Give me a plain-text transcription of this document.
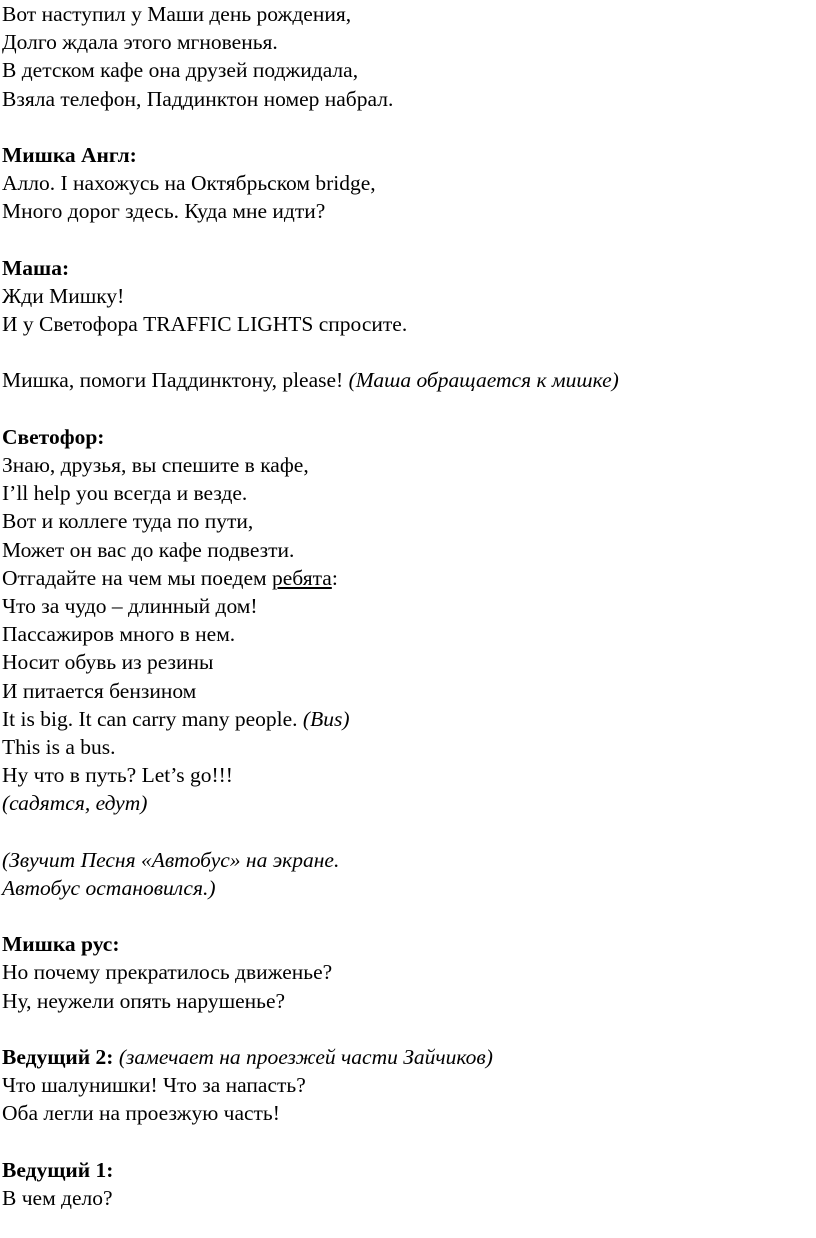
Вот наступил у Маши день рождения,
Долго ждала этого мгновенья.
В детском кафе она друзей поджидала,
Взяла телефон, Паддинктон номер набрал.
Мишка Англ:
Алло. I нахожусь на Октябрьском bridge,
Много дорог здесь. Куда мне идти?
Маша:
Жди Мишку!
И у Светофора TRAFFIC LIGHTS спросите.
Мишка, помоги Паддинктону, please! (Маша обращается к мишке)
Светофор:
Знаю, друзья, вы спешите в кафе,
I’ll help you всегда и везде.
Вот и коллеге туда по пути,
Может он вас до кафе подвезти.
Отгадайте на чем мы поедем ребята:
Что за чудо – длинный дом!
Пассажиров много в нем.
Носит обувь из резины
И питается бензином
It is big. It can carry many people. (Bus)
This is a bus.
Ну что в путь? Let’s go!!!
(садятся, едут)
(Звучит Песня «Автобус» на экране.
Автобус остановился.)
Мишка рус:
Но почему прекратилось движенье?
Ну, неужели опять нарушенье?
Ведущий 2: (замечает на проезжей части Зайчиков)
Что шалунишки! Что за напасть?
Оба легли на проезжую часть!
Ведущий 1:
В чем дело?
